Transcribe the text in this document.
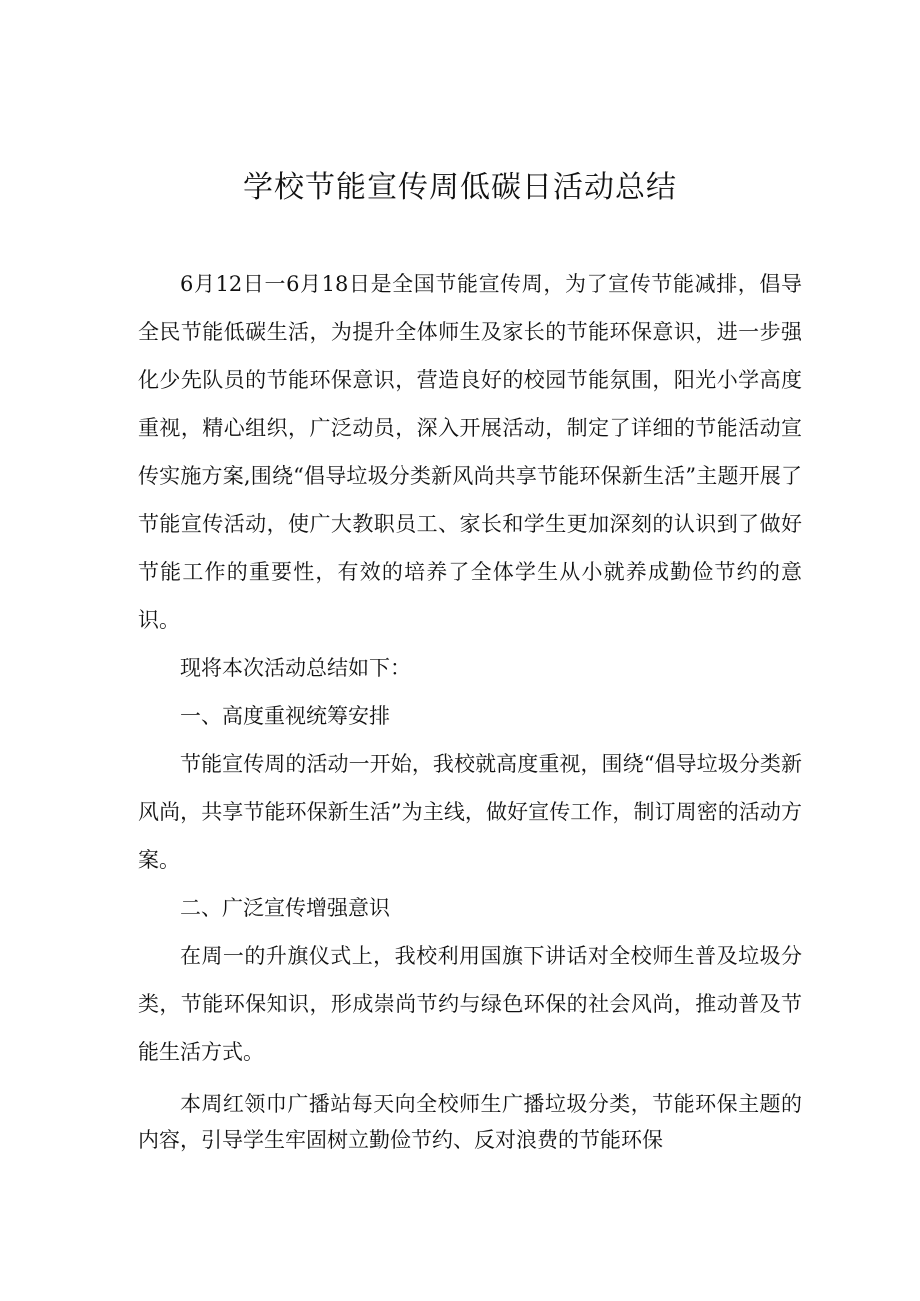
学校节能宣传周低碳日活动总结

6月12日一6月18日是全国节能宣传周，为了宣传节能减排，倡导全民节能低碳生活，为提升全体师生及家长的节能环保意识，进一步强化少先队员的节能环保意识，营造良好的校园节能氛围，阳光小学高度重视，精心组织，广泛动员，深入开展活动，制定了详细的节能活动宣传实施方案,围绕“倡导垃圾分类新风尚共享节能环保新生活”主题开展了节能宣传活动，使广大教职员工、家长和学生更加深刻的认识到了做好节能工作的重要性，有效的培养了全体学生从小就养成勤俭节约的意识。

现将本次活动总结如下：

一、高度重视统筹安排

节能宣传周的活动一开始，我校就高度重视，围绕“倡导垃圾分类新风尚，共享节能环保新生活”为主线，做好宣传工作，制订周密的活动方案。

二、广泛宣传增强意识

在周一的升旗仪式上，我校利用国旗下讲话对全校师生普及垃圾分类，节能环保知识，形成崇尚节约与绿色环保的社会风尚，推动普及节能生活方式。

本周红领巾广播站每天向全校师生广播垃圾分类，节能环保主题的内容，引导学生牢固树立勤俭节约、反对浪费的节能环保
